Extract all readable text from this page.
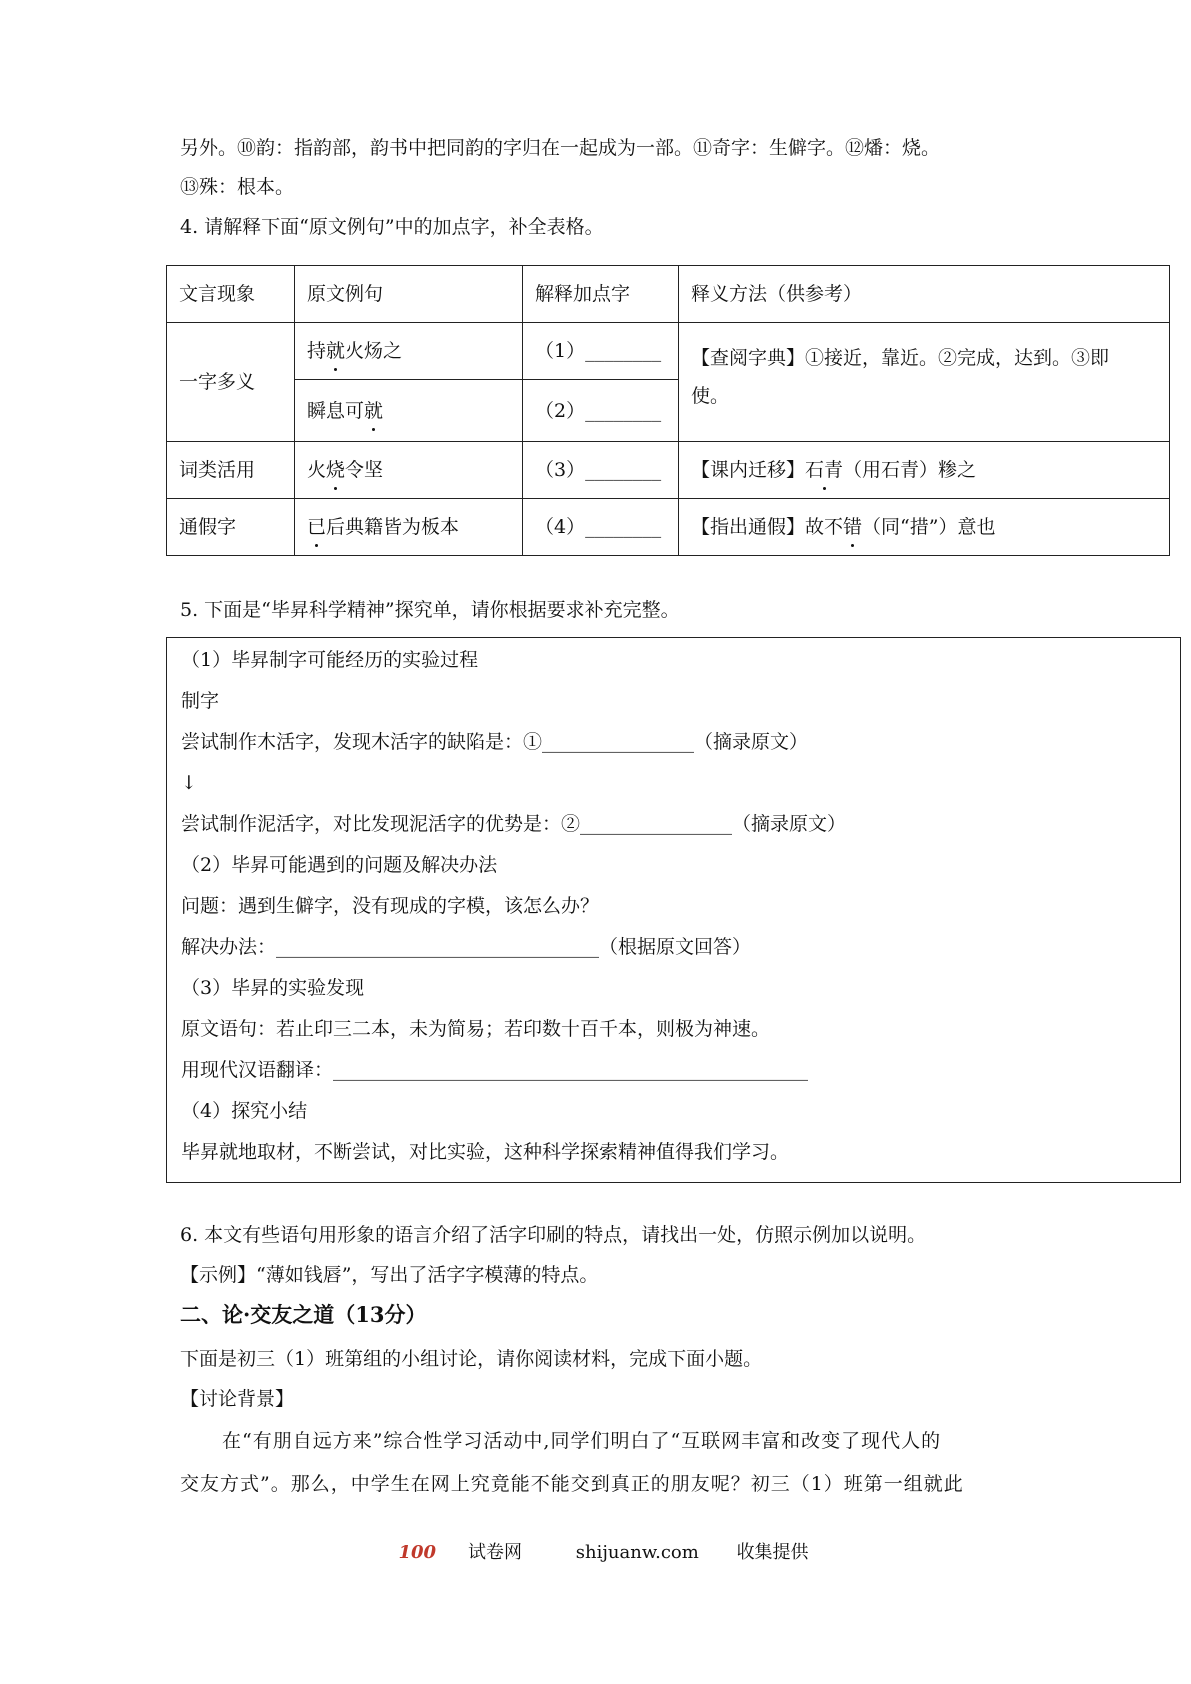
另外。⑩韵：指韵部，韵书中把同韵的字归在一起成为一部。⑪奇字：生僻字。⑫燔：烧。
⑬殊：根本。
4. 请解释下面“原文例句”中的加点字，补全表格。
文言现象	原文例句	解释加点字	释义方法（供参考）
一字多义	持就火炀之	（1）________	【查阅字典】①接近，靠近。②完成，达到。③即
使。

	瞬息可就	（2）________	
词类活用	火烧令坚	（3）________	【课内迁移】石青（用石青）糁之
通假字	已后典籍皆为板本	（4）________	【指出通假】故不错（同“措”）意也
5. 下面是“毕昇科学精神”探究单，请你根据要求补充完整。
（1）毕昇制字可能经历的实验过程
制字
尝试制作木活字，发现木活字的缺陷是：①________________（摘录原文）
↓
尝试制作泥活字，对比发现泥活字的优势是：②________________（摘录原文）
（2）毕昇可能遇到的问题及解决办法
问题：遇到生僻字，没有现成的字模，该怎么办？
解决办法：__________________________________（根据原文回答）
（3）毕昇的实验发现
原文语句：若止印三二本，未为简易；若印数十百千本，则极为神速。
用现代汉语翻译：__________________________________________________
（4）探究小结
毕昇就地取材，不断尝试，对比实验，这种科学探索精神值得我们学习。
6. 本文有些语句用形象的语言介绍了活字印刷的特点，请找出一处，仿照示例加以说明。
【示例】“薄如钱唇”，写出了活字字模薄的特点。
二、论·交友之道（13分）
下面是初三（1）班第组的小组讨论，请你阅读材料，完成下面小题。
【讨论背景】
在“有朋自远方来”综合性学习活动中,同学们明白了“互联网丰富和改变了现代人的
交友方式”。那么，中学生在网上究竟能不能交到真正的朋友呢？初三（1）班第一组就此
100 试卷网	shijuanw.com 收集提供
